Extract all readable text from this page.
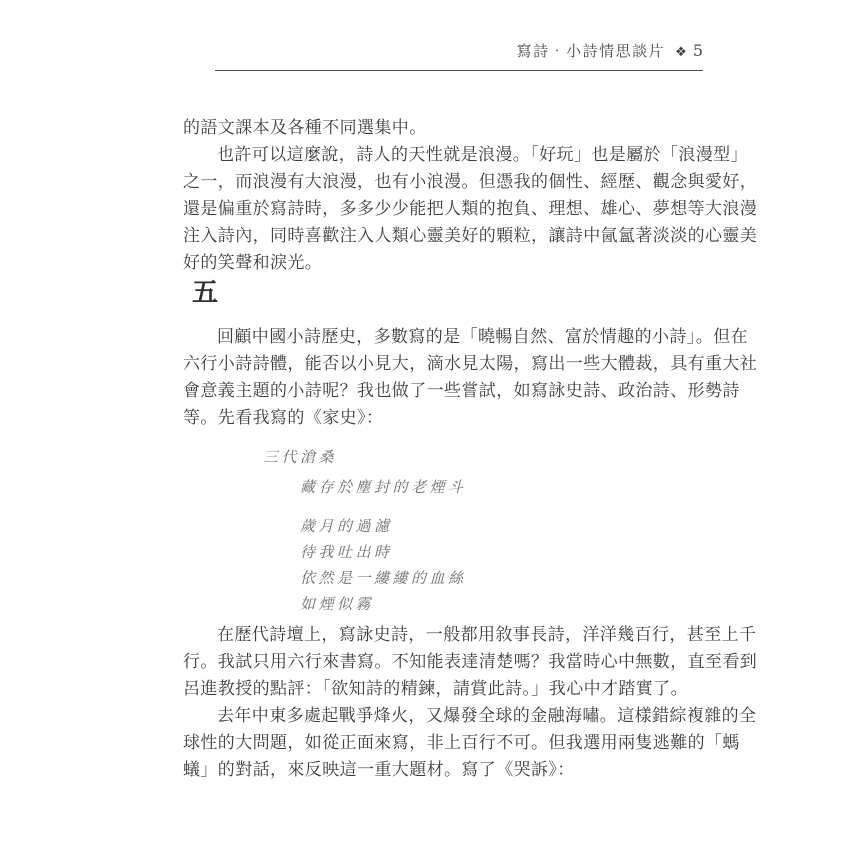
寫詩‧小詩情思談片 ❖ 5
的語文課本及各種不同選集中。
也許可以這麼說，詩人的天性就是浪漫。「好玩」也是屬於「浪漫型」
之一，而浪漫有大浪漫，也有小浪漫。但憑我的個性、經歷、觀念與愛好，
還是偏重於寫詩時，多多少少能把人類的抱負、理想、雄心、夢想等大浪漫
注入詩內，同時喜歡注入人類心靈美好的顆粒，讓詩中氤氳著淡淡的心靈美
好的笑聲和淚光。
五
回顧中國小詩歷史，多數寫的是「曉暢自然、富於情趣的小詩」。但在
六行小詩詩體，能否以小見大，滴水見太陽，寫出一些大體裁，具有重大社
會意義主題的小詩呢？我也做了一些嘗試，如寫詠史詩、政治詩、形勢詩
等。先看我寫的《家史》：
三代滄桑
藏存於塵封的老煙斗
歲月的過濾
待我吐出時
依然是一縷縷的血絲
如煙似霧
在歷代詩壇上，寫詠史詩，一般都用敘事長詩，洋洋幾百行，甚至上千
行。我試只用六行來書寫。不知能表達清楚嗎？我當時心中無數，直至看到
呂進教授的點評：「欲知詩的精鍊，請賞此詩。」我心中才踏實了。
去年中東多處起戰爭烽火，又爆發全球的金融海嘯。這樣錯綜複雜的全
球性的大問題，如從正面來寫，非上百行不可。但我選用兩隻逃難的「螞
蟻」的對話，來反映這一重大題材。寫了《哭訴》：
